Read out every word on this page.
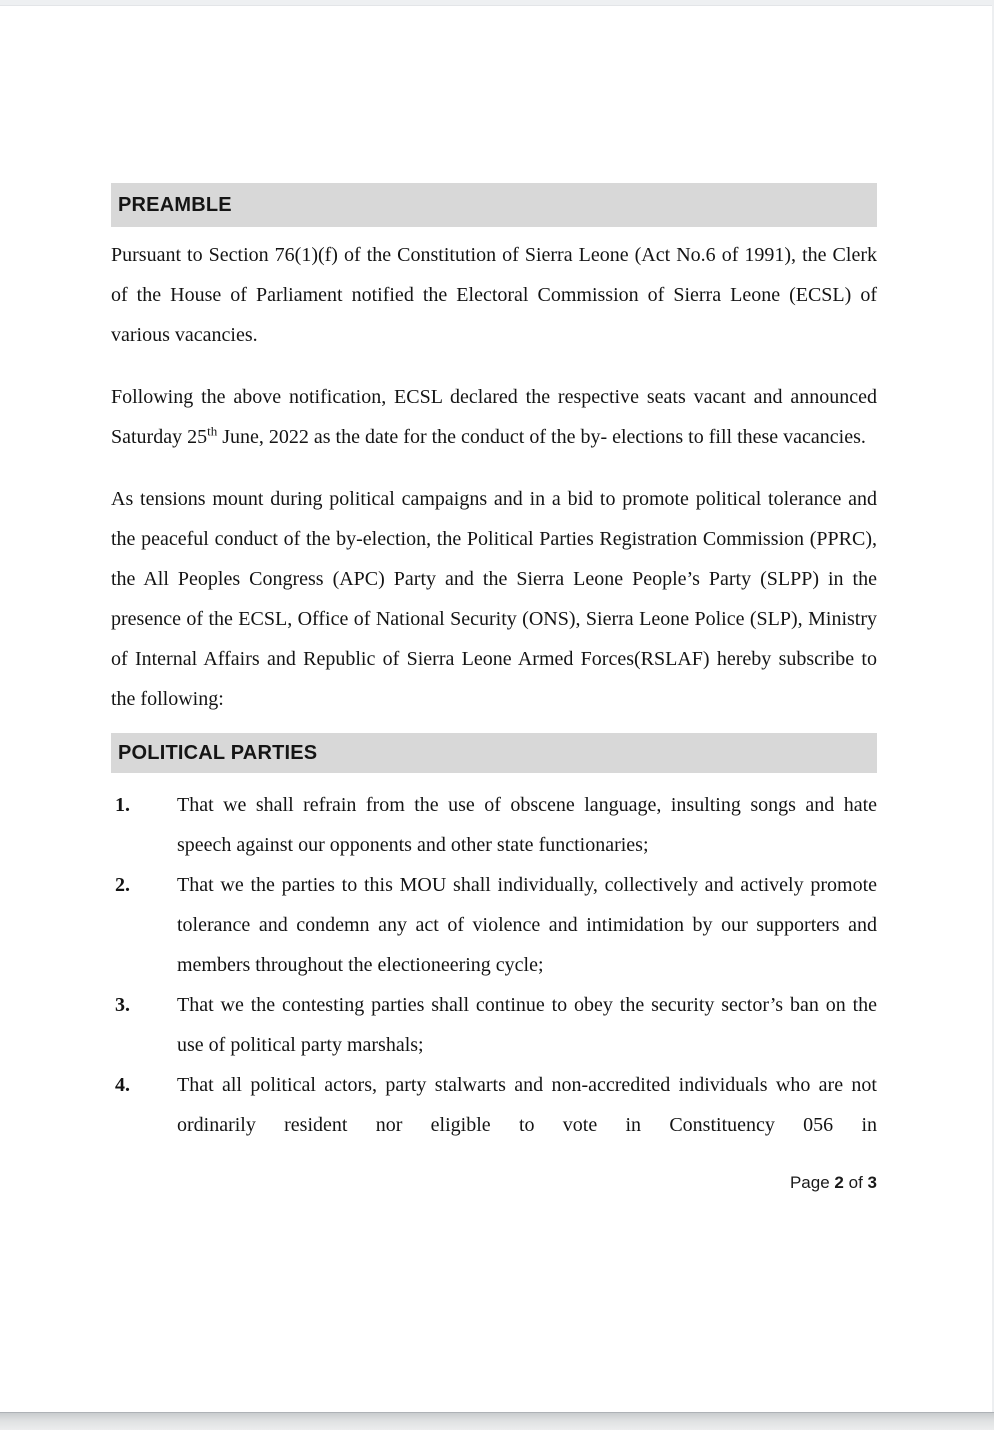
PREAMBLE

Pursuant to Section 76(1)(f) of the Constitution of Sierra Leone (Act No.6 of 1991), the Clerk of the House of Parliament notified the Electoral Commission of Sierra Leone (ECSL) of various vacancies.

Following the above notification, ECSL declared the respective seats vacant and announced Saturday 25th June, 2022 as the date for the conduct of the by- elections to fill these vacancies.

As tensions mount during political campaigns and in a bid to promote political tolerance and the peaceful conduct of the by-election, the Political Parties Registration Commission (PPRC), the All Peoples Congress (APC) Party and the Sierra Leone People’s Party (SLPP) in the presence of the ECSL, Office of National Security (ONS), Sierra Leone Police (SLP), Ministry of Internal Affairs and Republic of Sierra Leone Armed Forces(RSLAF) hereby subscribe to the following:

POLITICAL PARTIES
1.	That we shall refrain from the use of obscene language, insulting songs and hate speech against our opponents and other state functionaries;
2.	That we the parties to this MOU shall individually, collectively and actively promote tolerance and condemn any act of violence and intimidation by our supporters and members throughout the electioneering cycle;
3.	That we the contesting parties shall continue to obey the security sector’s ban on the use of political party marshals;
4.	That all political actors, party stalwarts and non-accredited individuals who are not ordinarily resident nor eligible to vote in Constituency 056 in
Page 2 of 3
